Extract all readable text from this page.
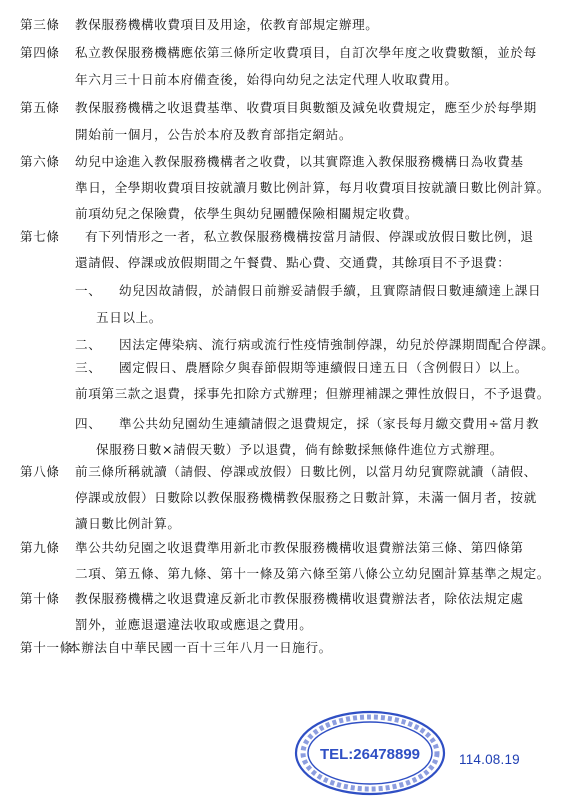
第三條 教保服務機構收費項目及用途，依教育部規定辦理。
第四條 私立教保服務機構應依第三條所定收費項目，自訂次學年度之收費數額，並於每
年六月三十日前本府備查後，始得向幼兒之法定代理人收取費用。
第五條 教保服務機構之收退費基準、收費項目與數額及減免收費規定，應至少於每學期
開始前一個月，公告於本府及教育部指定網站。
第六條 幼兒中途進入教保服務機構者之收費，以其實際進入教保服務機構日為收費基
準日，全學期收費項目按就讀月數比例計算，每月收費項目按就讀日數比例計算。
前項幼兒之保險費，依學生與幼兒團體保險相關規定收費。
第七條 有下列情形之一者，私立教保服務機構按當月請假、停課或放假日數比例，退
還請假、停課或放假期間之午餐費、點心費、交通費，其餘項目不予退費：
一、 幼兒因故請假，於請假日前辦妥請假手續，且實際請假日數連續達上課日
五日以上。
二、 因法定傳染病、流行病或流行性疫情強制停課，幼兒於停課期間配合停課。
三、 國定假日、農曆除夕與春節假期等連續假日達五日（含例假日）以上。
前項第三款之退費，採事先扣除方式辦理；但辦理補課之彈性放假日，不予退費。
四、 準公共幼兒園幼生連續請假之退費規定，採（家長每月繳交費用÷當月教
保服務日數×請假天數）予以退費，倘有餘數採無條件進位方式辦理。
第八條 前三條所稱就讀（請假、停課或放假）日數比例，以當月幼兒實際就讀（請假、
停課或放假）日數除以教保服務機構教保服務之日數計算，未滿一個月者，按就
讀日數比例計算。
第九條 準公共幼兒園之收退費準用新北市教保服務機構收退費辦法第三條、第四條第
二項、第五條、第九條、第十一條及第六條至第八條公立幼兒園計算基準之規定。
第十條 教保服務機構之收退費違反新北市教保服務機構收退費辦法者，除依法規定處
罰外，並應退還違法收取或應退之費用。
第十一條
本辦法自中華民國一百十三年八月一日施行。
TEL:26478899	114.08.19
